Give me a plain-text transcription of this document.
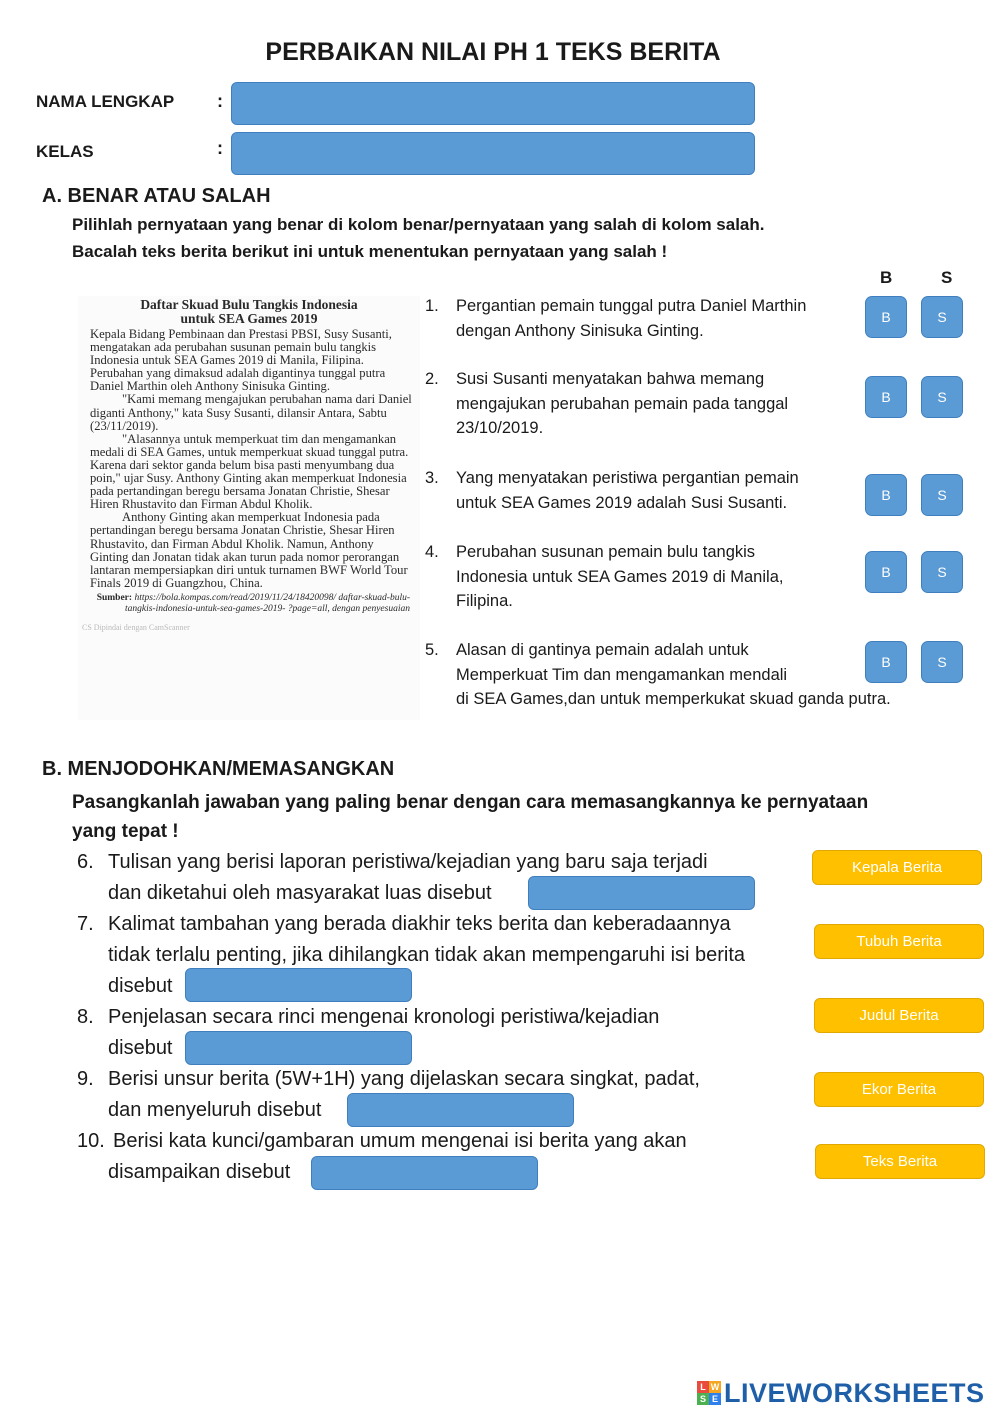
PERBAIKAN NILAI PH 1 TEKS BERITA
NAMA LENGKAP :
KELAS	:
A. BENAR ATAU SALAH
Pilihlah pernyataan yang benar di kolom benar/pernyataan yang salah di kolom salah.
Bacalah teks berita berikut ini untuk menentukan pernyataan yang salah !
B	S
Daftar Skuad Bulu Tangkis Indonesia
untuk SEA Games 2019

Kepala Bidang Pembinaan dan Prestasi PBSI, Susy Susanti, mengatakan ada perubahan susunan pemain bulu tangkis Indonesia untuk SEA Games 2019 di Manila, Filipina. Perubahan yang dimaksud adalah digantinya tunggal putra Daniel Marthin oleh Anthony Sinisuka Ginting.

"Kami memang mengajukan perubahan nama dari Daniel diganti Anthony," kata Susy Susanti, dilansir Antara, Sabtu (23/11/2019).

"Alasannya untuk memperkuat tim dan mengamankan medali di SEA Games, untuk memperkuat skuad tunggal putra. Karena dari sektor ganda belum bisa pasti menyumbang dua poin," ujar Susy. Anthony Ginting akan memperkuat Indonesia pada pertandingan beregu bersama Jonatan Christie, Shesar Hiren Rhustavito dan Firman Abdul Kholik.

Anthony Ginting akan memperkuat Indonesia pada pertandingan beregu bersama Jonatan Christie, Shesar Hiren Rhustavito, dan Firman Abdul Kholik. Namun, Anthony Ginting dan Jonatan tidak akan turun pada nomor perorangan lantaran mempersiapkan diri untuk turnamen BWF World Tour Finals 2019 di Guangzhou, China.

Sumber: https://bola.kompas.com/read/2019/11/24/18420098/ daftar-skuad-bulu-tangkis-indonesia-untuk-sea-games-2019- ?page=all, dengan penyesuaian
CS Dipindai dengan CamScanner
1. Pergantian pemain tunggal putra Daniel Marthin
dengan Anthony Sinisuka Ginting.
B	S
2. Susi Susanti menyatakan bahwa memang
mengajukan perubahan pemain pada tanggal
23/10/2019.
B	S
3. Yang menyatakan peristiwa pergantian pemain
untuk SEA Games 2019 adalah Susi Susanti.	B	S
4. Perubahan susunan pemain bulu tangkis
Indonesia untuk SEA Games 2019 di Manila,
Filipina.
B	S
5. Alasan di gantinya pemain adalah untuk
Memperkuat Tim dan mengamankan mendali
di SEA Games,dan untuk memperkukat skuad ganda putra.
B	S
B. MENJODOHKAN/MEMASANGKAN
Pasangkanlah jawaban yang paling benar dengan cara memasangkannya ke pernyataan
yang tepat !
6. Tulisan yang berisi laporan peristiwa/kejadian yang baru saja terjadi
dan diketahui oleh masyarakat luas disebut
7. Kalimat tambahan yang berada diakhir teks berita dan keberadaannya
tidak terlalu penting, jika dihilangkan tidak akan mempengaruhi isi berita
disebut
8. Penjelasan secara rinci mengenai kronologi peristiwa/kejadian
disebut
9. Berisi unsur berita (5W+1H) yang dijelaskan secara singkat, padat,
dan menyeluruh disebut
10. Berisi kata kunci/gambaran umum mengenai isi berita yang akan
disampaikan disebut
Kepala Berita
Tubuh Berita
Judul Berita
Ekor Berita
Teks Berita
L W
S E LIVEWORKSHEETS
